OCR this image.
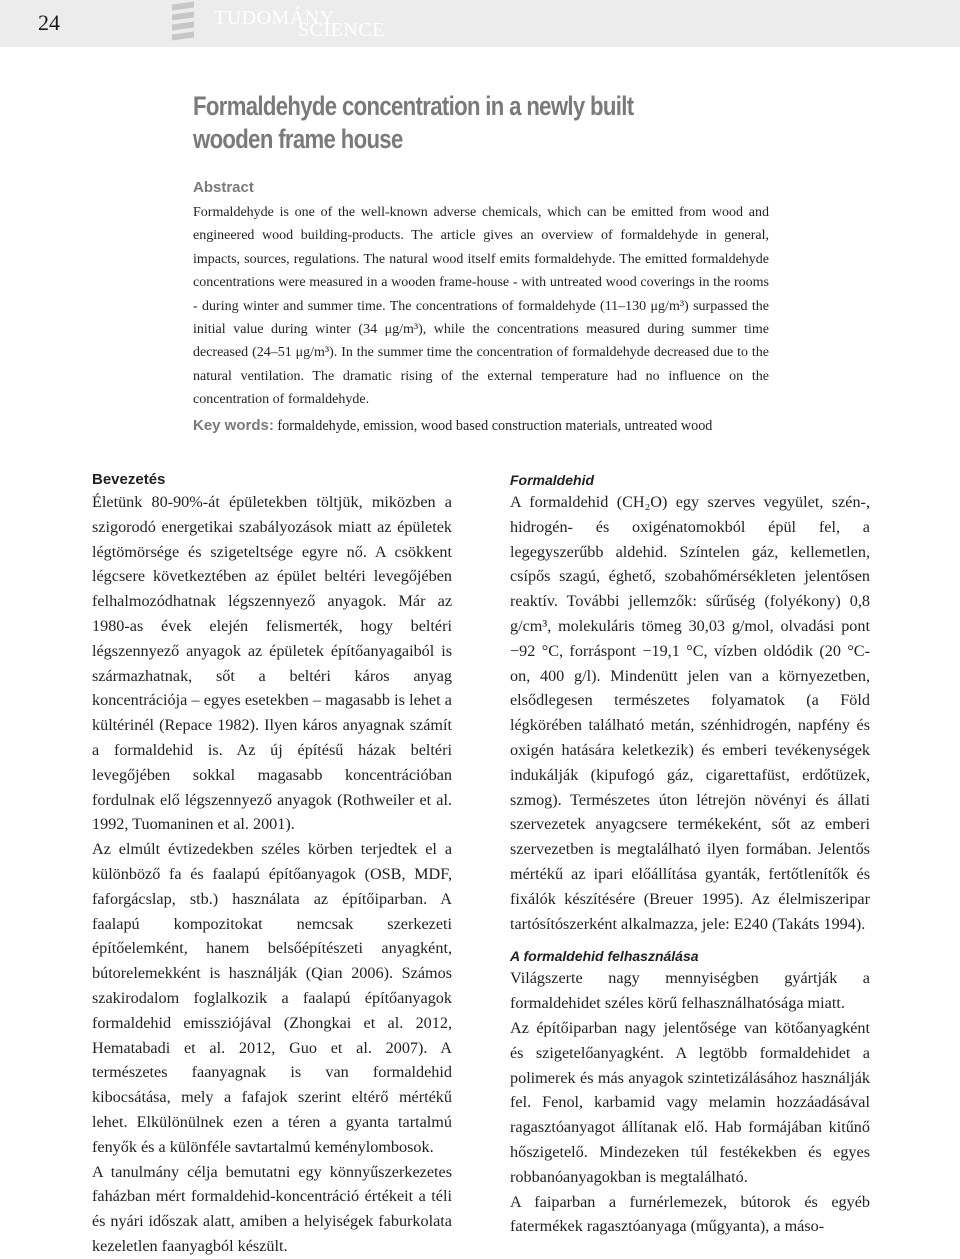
24	TUDOMÁNY
SCIENCE
Formaldehyde concentration in a newly built wooden frame house
Abstract

Formaldehyde is one of the well-known adverse chemicals, which can be emitted from wood and engineered wood building-products. The article gives an overview of formaldehyde in general, impacts, sources, regulations. The natural wood itself emits formaldehyde. The emitted formaldehyde concentrations were measured in a wooden frame-house - with untreated wood coverings in the rooms - during winter and summer time. The concentrations of formaldehyde (11–130 μg/m³) surpassed the initial value during winter (34 μg/m³), while the concentrations measured during summer time decreased (24–51 μg/m³). In the summer time the concentration of formaldehyde decreased due to the natural ventilation. The dramatic rising of the external temperature had no influence on the concentration of formaldehyde.

Key words: formaldehyde, emission, wood based construction materials, untreated wood
Bevezetés

Életünk 80-90%-át épületekben töltjük, miközben a szigorodó energetikai szabályozások miatt az épületek légtömörsége és szigeteltsége egyre nő. A csökkent légcsere következtében az épület beltéri levegőjében felhalmozódhatnak légszennyező anyagok. Már az 1980-as évek elején felismerték, hogy beltéri légszennyező anyagok az épületek építőanyagaiból is származhatnak, sőt a beltéri káros anyag koncentrációja – egyes esetekben – magasabb is lehet a kültérinél (Repace 1982). Ilyen káros anyagnak számít a formaldehid is. Az új építésű házak beltéri levegőjében sokkal magasabb koncentrációban fordulnak elő légszennyező anyagok (Rothweiler et al. 1992, Tuomaninen et al. 2001).

Az elmúlt évtizedekben széles körben terjedtek el a különböző fa és faalapú építőanyagok (OSB, MDF, faforgácslap, stb.) használata az építőiparban. A faalapú kompozitokat nemcsak szerkezeti építőelemként, hanem belsőépítészeti anyagként, bútorelemekként is használják (Qian 2006). Számos szakirodalom foglalkozik a faalapú építőanyagok formaldehid emissziójával (Zhongkai et al. 2012, Hematabadi et al. 2012, Guo et al. 2007). A természetes faanyagnak is van formaldehid kibocsátása, mely a fafajok szerint eltérő mértékű lehet. Elkülönülnek ezen a téren a gyanta tartalmú fenyők és a különféle savtartalmú keménylombosok.

A tanulmány célja bemutatni egy könnyűszerkezetes faházban mért formaldehid-koncentráció értékeit a téli és nyári időszak alatt, amiben a helyiségek faburkolata kezeletlen faanyagból készült.

Formaldehid

A formaldehid (CH₂O) egy szerves vegyület, szén-, hidrogén- és oxigénatomokból épül fel, a legegyszerűbb aldehid. Színtelen gáz, kellemetlen, csípős szagú, éghető, szobahőmérsékleten jelentősen reaktív. További jellemzők: sűrűség (folyékony) 0,8 g/cm³, molekuláris tömeg 30,03 g/mol, olvadási pont −92 °C, forráspont −19,1 °C, vízben oldódik (20 °C-on, 400 g/l). Mindenütt jelen van a környezetben, elsődlegesen természetes folyamatok (a Föld légkörében található metán, szénhidrogén, napfény és oxigén hatására keletkezik) és emberi tevékenységek indukálják (kipufogó gáz, cigarettafüst, erdőtüzek, szmog). Természetes úton létrejön növényi és állati szervezetek anyagcsere termékeként, sőt az emberi szervezetben is megtalálható ilyen formában. Jelentős mértékű az ipari előállítása gyanták, fertőtlenítők és fixálók készítésére (Breuer 1995). Az élelmiszeripar tartósítószerként alkalmazza, jele: E240 (Takáts 1994).

A formaldehid felhasználása

Világszerte nagy mennyiségben gyártják a formaldehidet széles körű felhasználhatósága miatt.

Az építőiparban nagy jelentősége van kötőanyagként és szigetelőanyagként. A legtöbb formaldehidet a polimerek és más anyagok szintetizálásához használják fel. Fenol, karbamid vagy melamin hozzáadásával ragasztóanyagot állítanak elő. Hab formájában kitűnő hőszigetelő. Mindezeken túl festékekben és egyes robbanóanyagokban is megtalálható.

A faiparban a furnérlemezek, bútorok és egyéb fatermékek ragasztóanyaga (műgyanta), a máso-
